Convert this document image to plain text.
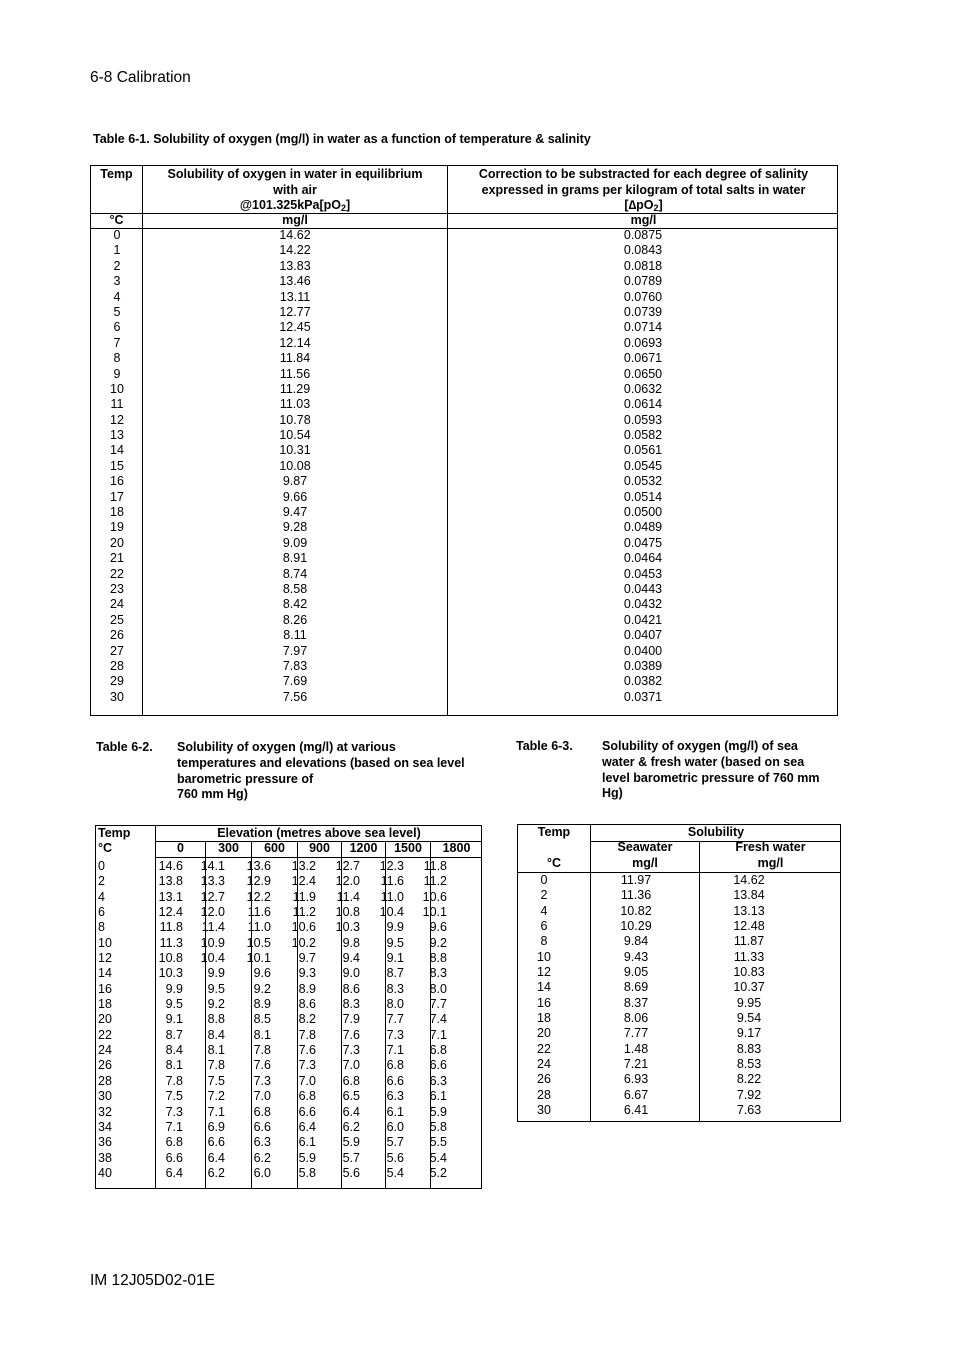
6-8 Calibration
Table 6-1. Solubility of oxygen (mg/l) in water as a function of temperature & salinity
Temp	Solubility of oxygen in water in equilibrium
with air
$@101.325kPa[pO_2]$
Correction to be substracted for each degree of salinity
expressed in grams per kilogram of total salts in water
$[\Delta pO_2]$
°C	mg/l	mg/l
0	14.62	0.0875
1	14.22	0.0843
2	13.83	0.0818
3	13.46	0.0789
4	13.11	0.0760
5	12.77	0.0739
6	12.45	0.0714
7	12.14	0.0693
8	11.84	0.0671
9	11.56	0.0650
10	11.29	0.0632
11	11.03	0.0614
12	10.78	0.0593
13	10.54	0.0582
14	10.31	0.0561
15	10.08	0.0545
16	9.87	0.0532
17	9.66	0.0514
18	9.47	0.0500
19	9.28	0.0489
20	9.09	0.0475
21	8.91	0.0464
22	8.74	0.0453
23	8.58	0.0443
24	8.42	0.0432
25	8.26	0.0421
26	8.11	0.0407
27	7.97	0.0400
28	7.83	0.0389
29	7.69	0.0382
30	7.56	0.0371
Table 6-2. Solubility of oxygen (mg/l) at various
temperatures and elevations (based on sea level
barometric pressure of
760 mm Hg)
Table 6-3. Solubility of oxygen (mg/l) of sea
water & fresh water (based on sea
level barometric pressure of 760 mm
Hg)
Temp
°C
Elevation (metres above sea level)
0	300	600	900	1200	1500	1800
0	14.6 14.1 13.6 13.2 12.7 12.3 11.8
2	13.8 13.3 12.9 12.4 12.0 11.6 11.2
4	13.1 12.7 12.2 11.9 11.4 11.0 10.6
6	12.4 12.0 11.6 11.2 10.8 10.4 10.1
8	11.8 11.4 11.0 10.6 10.3 9.9 9.6
10	11.3 10.9 10.5 10.2 9.8 9.5 9.2
12	10.8 10.4 10.1 9.7 9.4 9.1 8.8
14	10.3 9.9 9.6 9.3 9.0 8.7 8.3
16	9.9 9.5 9.2 8.9 8.6 8.3 8.0
18	9.5 9.2 8.9 8.6 8.3 8.0 7.7
20	9.1 8.8 8.5 8.2 7.9 7.7 7.4
22	8.7 8.4 8.1 7.8 7.6 7.3 7.1
24	8.4 8.1 7.8 7.6 7.3 7.1 6.8
26	8.1 7.8 7.6 7.3 7.0 6.8 6.6
28	7.8 7.5 7.3 7.0 6.8 6.6 6.3
30	7.5 7.2 7.0 6.8 6.5 6.3 6.1
32	7.3 7.1 6.8 6.6 6.4 6.1 5.9
34	7.1 6.9 6.6 6.4 6.2 6.0 5.8
36	6.8 6.6 6.3 6.1 5.9 5.7 5.5
38	6.6 6.4 6.2 5.9 5.7 5.6 5.4
40	6.4 6.2 6.0 5.8 5.6 5.4 5.2
Temp
°C
Solubility
Seawater	Fresh water
mg/l	mg/l
0	11.97	14.62
2	11.36	13.84
4	10.82	13.13
6	10.29	12.48
8	9.84	11.87
10	9.43	11.33
12	9.05	10.83
14	8.69	10.37
16	8.37	9.95
18	8.06	9.54
20	7.77	9.17
22	1.48	8.83
24	7.21	8.53
26	6.93	8.22
28	6.67	7.92
30	6.41	7.63
IM 12J05D02-01E
